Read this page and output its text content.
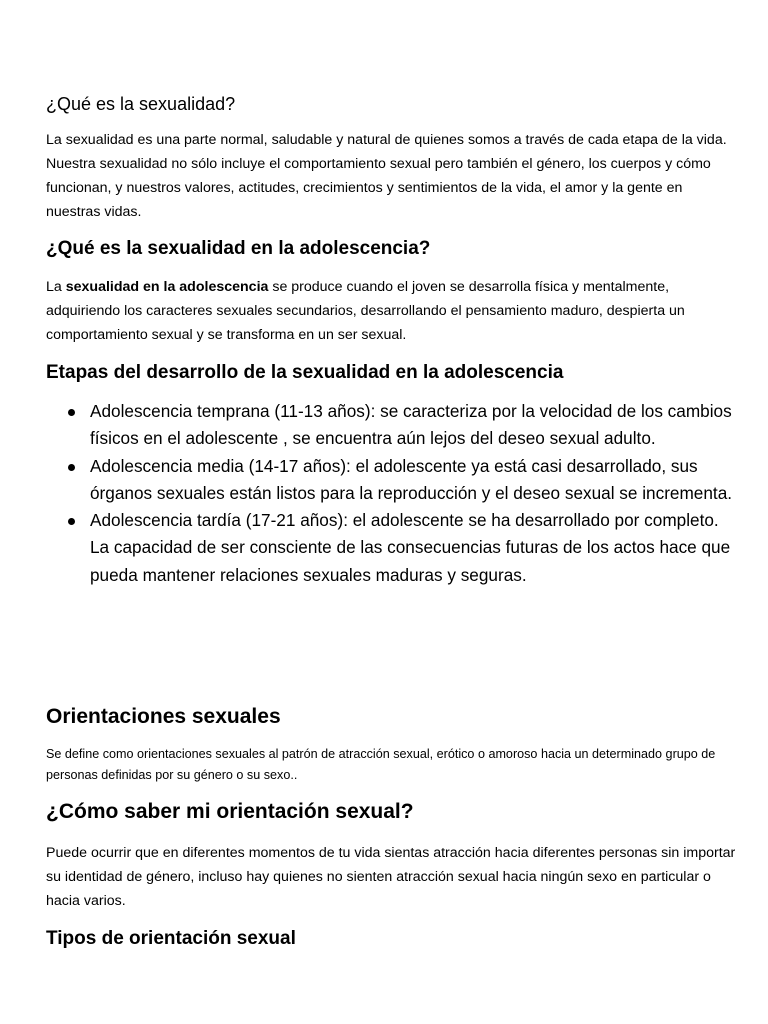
¿Qué es la sexualidad?

La sexualidad es una parte normal, saludable y natural de quienes somos a través de cada etapa de la vida. Nuestra sexualidad no sólo incluye el comportamiento sexual pero también el género, los cuerpos y cómo funcionan, y nuestros valores, actitudes, crecimientos y sentimientos de la vida, el amor y la gente en nuestras vidas.

¿Qué es la sexualidad en la adolescencia?

La sexualidad en la adolescencia se produce cuando el joven se desarrolla física y mentalmente, adquiriendo los caracteres sexuales secundarios, desarrollando el pensamiento maduro, despierta un comportamiento sexual y se transforma en un ser sexual.

Etapas del desarrollo de la sexualidad en la adolescencia
Adolescencia temprana (11-13 años): se caracteriza por la velocidad de los cambios físicos en el adolescente , se encuentra aún lejos del deseo sexual adulto.
Adolescencia media (14-17 años): el adolescente ya está casi desarrollado, sus órganos sexuales están listos para la reproducción y el deseo sexual se incrementa.
Adolescencia tardía (17-21 años): el adolescente se ha desarrollado por completo. La capacidad de ser consciente de las consecuencias futuras de los actos hace que pueda mantener relaciones sexuales maduras y seguras.
Orientaciones sexuales

Se define como orientaciones sexuales al patrón de atracción sexual, erótico o amoroso hacia un determinado grupo de personas definidas por su género o su sexo..

¿Cómo saber mi orientación sexual?

Puede ocurrir que en diferentes momentos de tu vida sientas atracción hacia diferentes personas sin importar su identidad de género, incluso hay quienes no sienten atracción sexual hacia ningún sexo en particular o hacia varios.

Tipos de orientación sexual
